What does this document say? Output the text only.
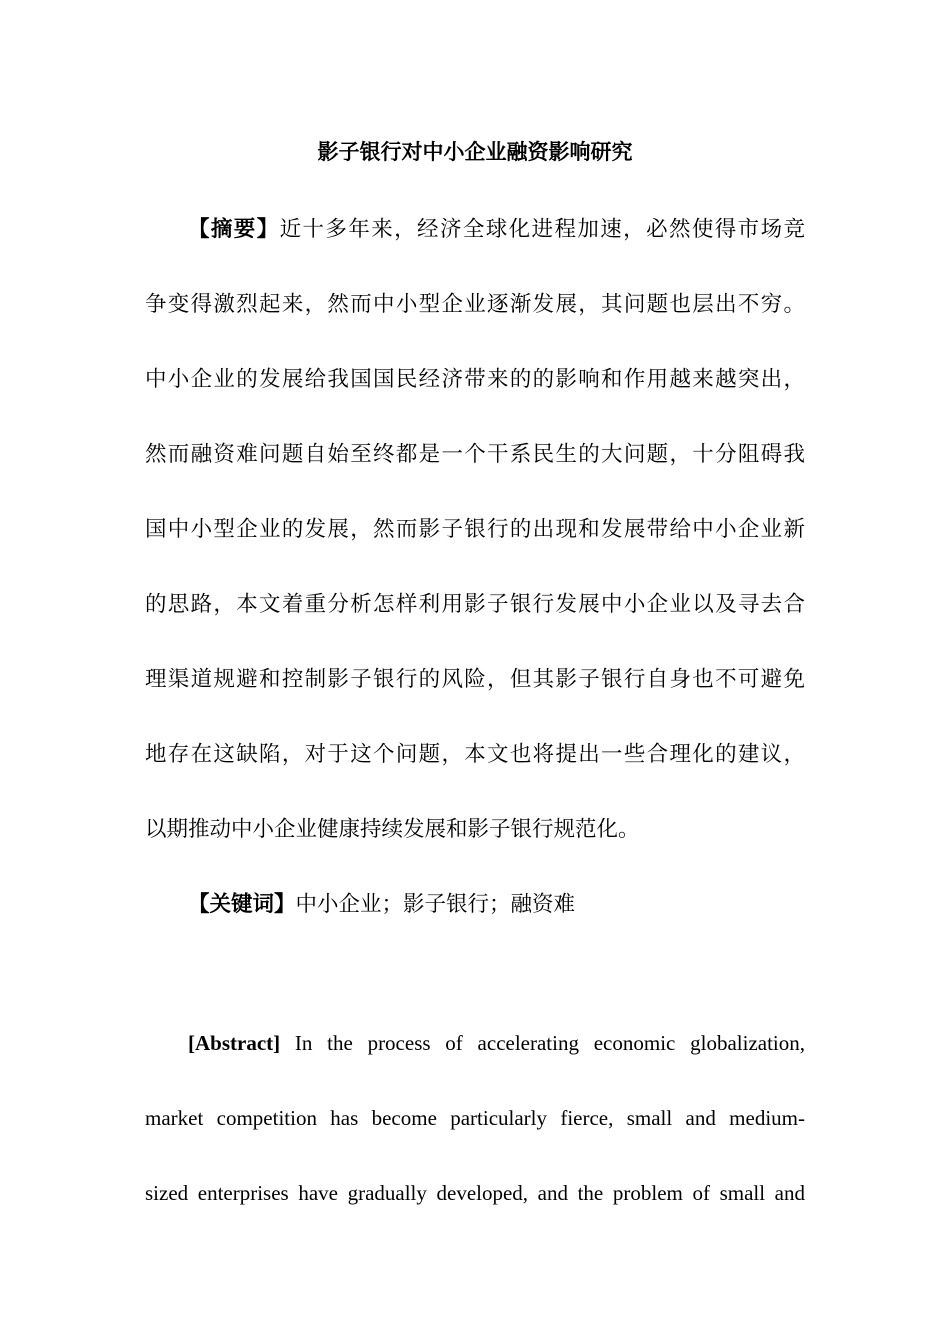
影子银行对中小企业融资影响研究
【摘要】近十多年来，经济全球化进程加速，必然使得市场竞
争变得激烈起来，然而中小型企业逐渐发展，其问题也层出不穷。
中小企业的发展给我国国民经济带来的的影响和作用越来越突出，
然而融资难问题自始至终都是一个干系民生的大问题，十分阻碍我
国中小型企业的发展，然而影子银行的出现和发展带给中小企业新
的思路，本文着重分析怎样利用影子银行发展中小企业以及寻去合
理渠道规避和控制影子银行的风险，但其影子银行自身也不可避免
地存在这缺陷，对于这个问题，本文也将提出一些合理化的建议，
以期推动中小企业健康持续发展和影子银行规范化。
【关键词】中小企业；影子银行；融资难
[Abstract] In the process of accelerating economic globalization,
market competition has become particularly fierce, small and medium-
sized enterprises have gradually developed, and the problem of small and
